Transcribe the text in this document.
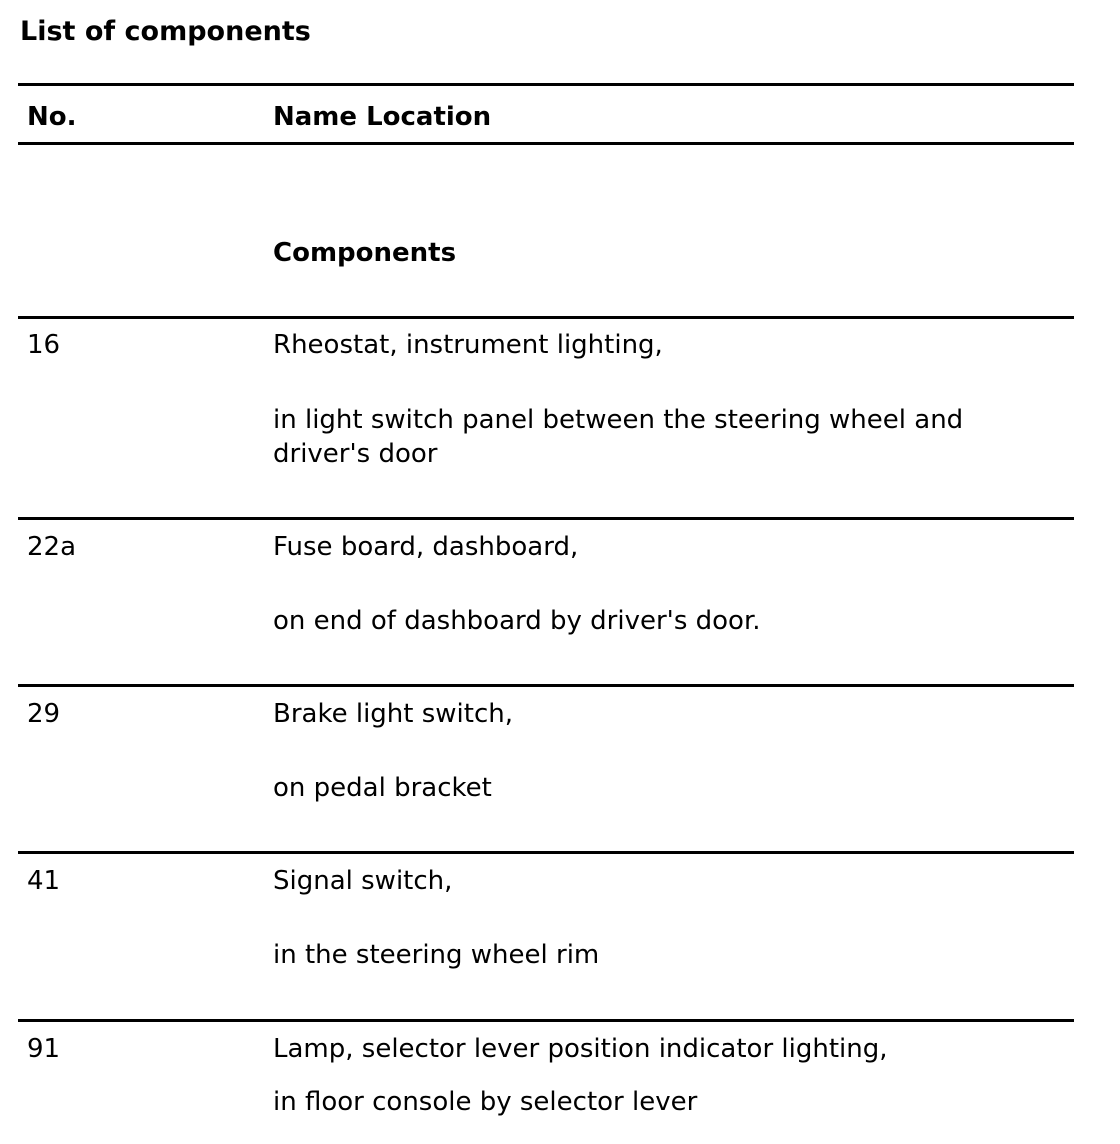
List of components
No.	Name Location
Components
16	Rheostat, instrument lighting,
in light switch panel between the steering wheel and driver's door
22a	Fuse board, dashboard,
on end of dashboard by driver's door.
29	Brake light switch,
on pedal bracket
41	Signal switch,
in the steering wheel rim
91	Lamp, selector lever position indicator lighting,
in floor console by selector lever
